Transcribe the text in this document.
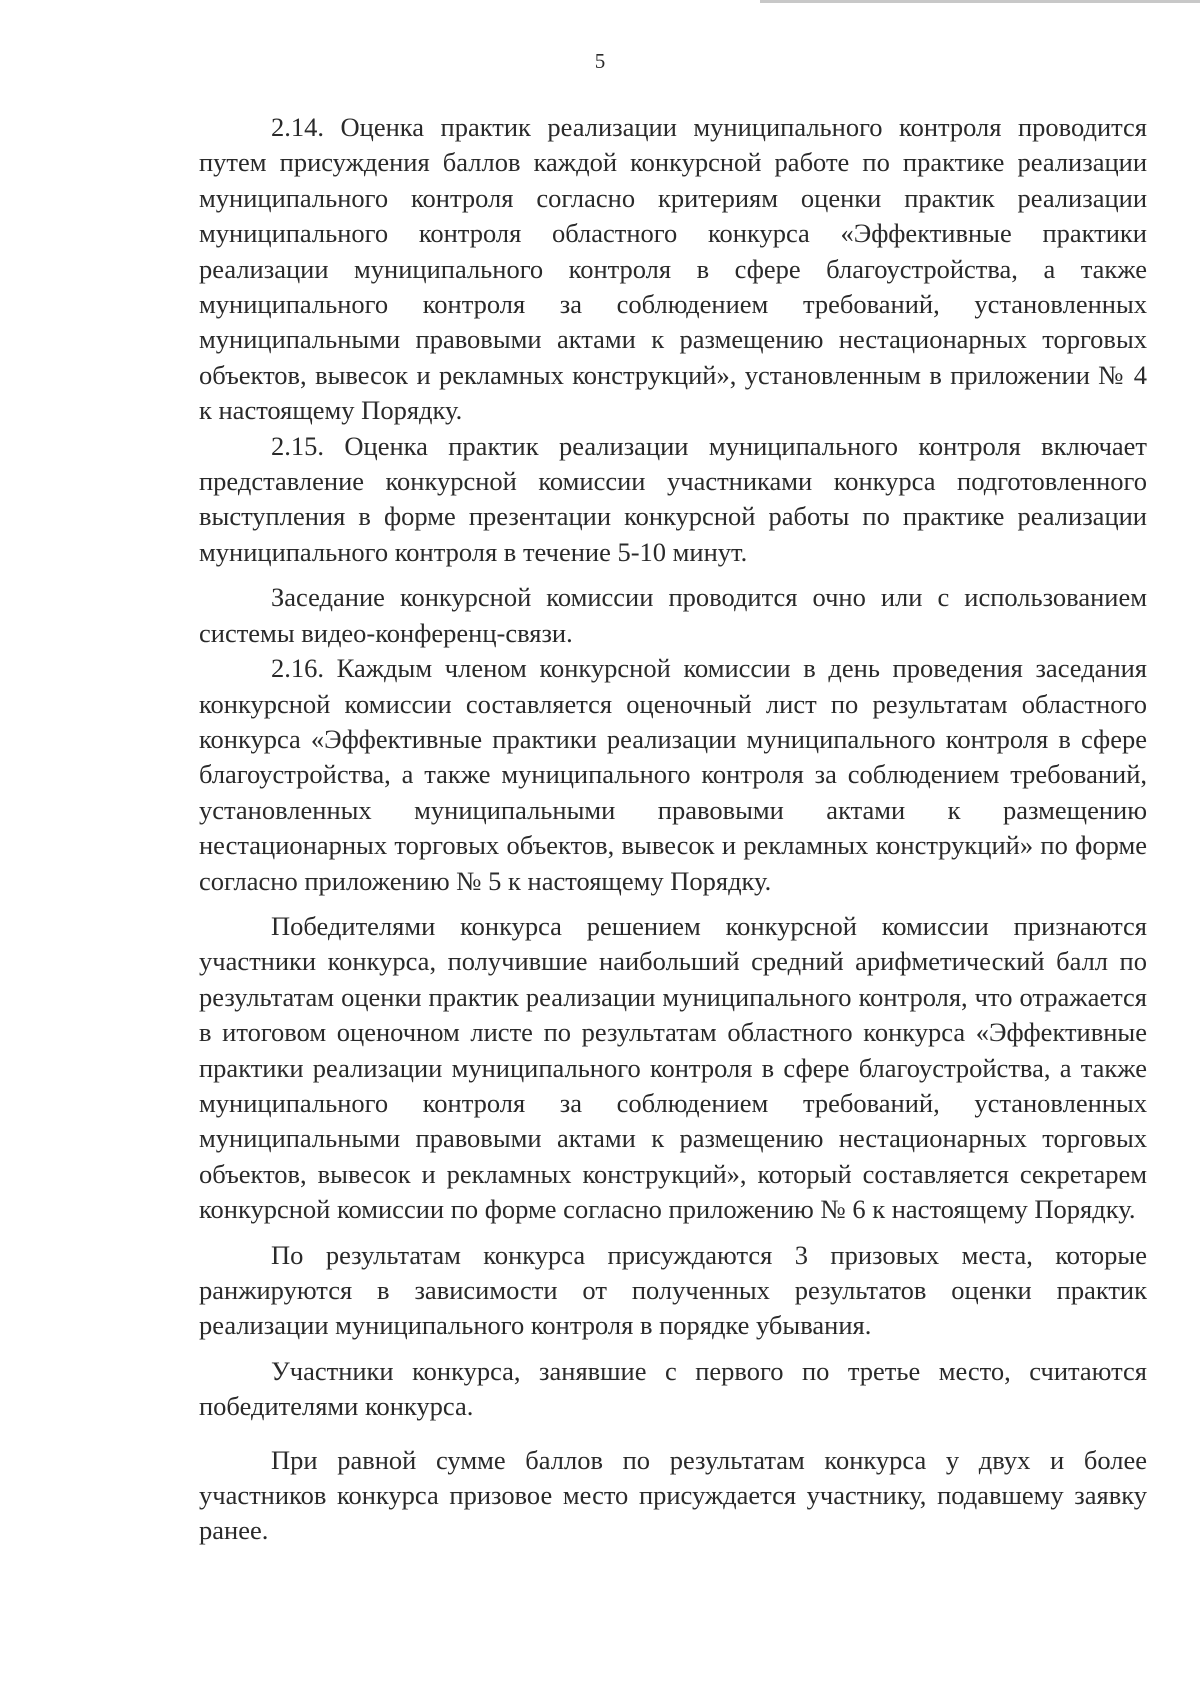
5

2.14. Оценка практик реализации муниципального контроля проводится путем присуждения баллов каждой конкурсной работе по практике реализации муниципального контроля согласно критериям оценки практик реализации муниципального контроля областного конкурса «Эффективные практики реализации муниципального контроля в сфере благоустройства, а также муниципального контроля за соблюдением требований, установленных муниципальными правовыми актами к размещению нестационарных торговых объектов, вывесок и рекламных конструкций», установленным в приложении № 4 к настоящему Порядку.

2.15. Оценка практик реализации муниципального контроля включает представление конкурсной комиссии участниками конкурса подготовленного выступления в форме презентации конкурсной работы по практике реализации муниципального контроля в течение 5-10 минут.

Заседание конкурсной комиссии проводится очно или с использованием системы видео-конференц-связи.

2.16. Каждым членом конкурсной комиссии в день проведения заседания конкурсной комиссии составляется оценочный лист по результатам областного конкурса «Эффективные практики реализации муниципального контроля в сфере благоустройства, а также муниципального контроля за соблюдением требований, установленных муниципальными правовыми актами к размещению нестационарных торговых объектов, вывесок и рекламных конструкций» по форме согласно приложению № 5 к настоящему Порядку.

Победителями конкурса решением конкурсной комиссии признаются участники конкурса, получившие наибольший средний арифметический балл по результатам оценки практик реализации муниципального контроля, что отражается в итоговом оценочном листе по результатам областного конкурса «Эффективные практики реализации муниципального контроля в сфере благоустройства, а также муниципального контроля за соблюдением требований, установленных муниципальными правовыми актами к размещению нестационарных торговых объектов, вывесок и рекламных конструкций», который составляется секретарем конкурсной комиссии по форме согласно приложению № 6 к настоящему Порядку.

По результатам конкурса присуждаются 3 призовых места, которые ранжируются в зависимости от полученных результатов оценки практик реализации муниципального контроля в порядке убывания.

Участники конкурса, занявшие с первого по третье место, считаются победителями конкурса.

При равной сумме баллов по результатам конкурса у двух и более участников конкурса призовое место присуждается участнику, подавшему заявку ранее.
